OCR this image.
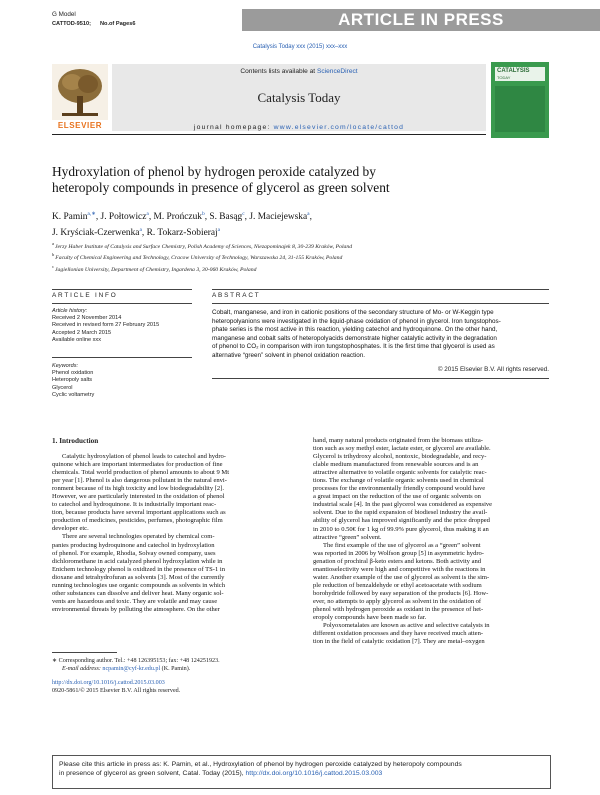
G Model
CATTOD-9510; No.of Pages6	ARTICLE IN PRESS
Catalysis Today xxx (2015) xxx–xxx
ELSEVIER
Contents lists available at ScienceDirect
Catalysis Today
journal homepage: www.elsevier.com/locate/cattod
CATALYSIS
TODAY
Hydroxylation of phenol by hydrogen peroxide catalyzed by
heteropoly compounds in presence of glycerol as green solvent
K. Pamin$^{a,∗}$, J. Połtowicz$^a$, M. Prończuk$^b$, S. Basąg$^c$, J. Maciejewska$^a$,
J. Kryściak-Czerwenka$^a$, R. Tokarz-Sobieraj$^a$
$^a$Jerzy Haber Institute of Catalysis and Surface Chemistry, Polish Academy of Sciences, Niezapominajek 8, 30-239 Kraków, Poland
$^b$Faculty of Chemical Engineering and Technology, Cracow University of Technology, Warszawska 24, 31-155 Kraków, Poland
$^c$Jagiellonian University, Department of Chemistry, Ingardena 3, 30-060 Kraków, Poland
ARTICLE INFO	ABSTRACT
Article history:
Received 2 November 2014
Received in revised form 27 February 2015
Accepted 2 March 2015
Available online xxx
Keywords:
Phenol oxidation
Heteropoly salts
Glycerol
Cyclic voltametry
Cobalt, manganese, and iron in cationic positions of the secondary structure of Mo- or W-Keggin type
heteropolyanions were investigated in the liquid-phase oxidation of phenol in glycerol. Iron tungstophos-
phate series is the most active in this reaction, yielding catechol and hydroquinone. On the other hand,
manganese and cobalt salts of heteropolyacids demonstrate higher catalytic activity in the degradation
of phenol to CO₂ in comparison with iron tungstophosphates. It is the first time that glycerol is used as
alternative “green” solvent in phenol oxidation reaction.
© 2015 Elsevier B.V. All rights reserved.
1. Introduction
Catalytic hydroxylation of phenol leads to catechol and hydro-
quinone which are important intermediates for production of fine
chemicals. Total world production of phenol amounts to about 9 Mt
per year [1]. Phenol is also dangerous pollutant in the natural envi-
ronment because of its high toxicity and low biodegradability [2].
However, we are particularly interested in the oxidation of phenol
to catechol and hydroquinone. It is industrially important reac-
tion, because products have several important applications such as
production of medicines, pesticides, perfumes, photographic film
developer etc.
There are several technologies operated by chemical com-
panies producing hydroquinone and catechol in hydroxylation
of phenol. For example, Rhodia, Solvay owned company, uses
dichloromethane in acid catalyzed phenol hydroxylation while in
Enichem technology phenol is oxidized in the presence of TS-1 in
dioxane and tetrahydrofuran as solvents [3]. Most of the currently
running technologies use organic compounds as solvents in which
other substances can dissolve and deliver heat. Many organic sol-
vents are hazardous and toxic. They are volatile and may cause
environmental threats by polluting the atmosphere. On the other
hand, many natural products originated from the biomass utiliza-
tion such as soy methyl ester, lactate ester, or glycerol are available.
Glycerol is trihydroxy alcohol, nontoxic, biodegradable, and recy-
clable medium manufactured from renewable sources and is an
attractive alternative to volatile organic solvents for catalytic reac-
tions. The exchange of volatile organic solvents used in chemical
processes for the environmentally friendly compound would have
a great impact on the reduction of the use of organic solvents on
industrial scale [4]. In the past glycerol was considered as expensive
solvent. Due to the rapid expansion of biodiesel industry the avail-
ability of glycerol has improved significantly and the price dropped
in 2010 to 0.50€ for 1 kg of 99.9% pure glycerol, thus making it an
attractive “green” solvent.
The first example of the use of glycerol as a “green” solvent
was reported in 2006 by Wolfson group [5] in asymmetric hydro-
genation of prochiral β-keto esters and ketons. Both activity and
enantioselectivity were high and competitive with the reactions in
water. Another example of the use of glycerol as solvent is the sim-
ple reduction of benzaldehyde or ethyl acetoacetate with sodium
borohydride followed by easy separation of the products [6]. How-
ever, no attempts to apply glycerol as solvent in the oxidation of
phenol with hydrogen peroxide as oxidant in the presence of het-
eropoly compounds have been made so far.
Polyoxometalates are known as active and selective catalysts in
different oxidation processes and they have received much atten-
tion in the field of catalytic oxidation [7]. They are metal–oxygen
∗ Corresponding author. Tel.: +48 126395153; fax: +48 124251923.
E-mail address: ncpamin@cyf-kr.edu.pl (K. Pamin).
http://dx.doi.org/10.1016/j.cattod.2015.03.003
0920-5861/© 2015 Elsevier B.V. All rights reserved.
Please cite this article in press as: K. Pamin, et al., Hydroxylation of phenol by hydrogen peroxide catalyzed by heteropoly compounds
in presence of glycerol as green solvent, Catal. Today (2015), http://dx.doi.org/10.1016/j.cattod.2015.03.003
